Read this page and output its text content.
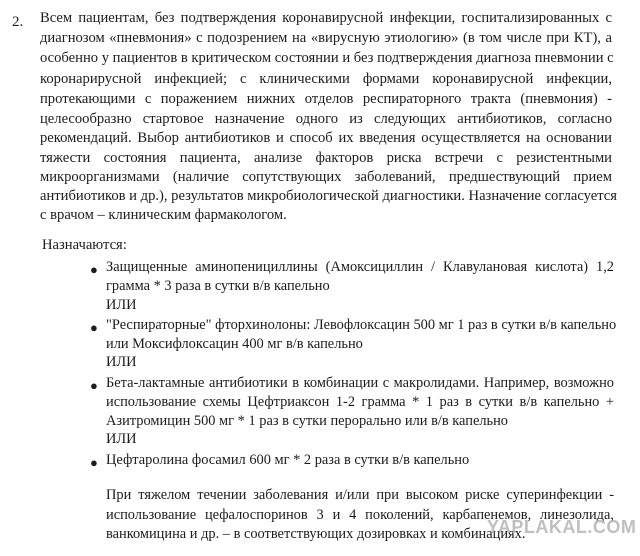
2. Всем пациентам, без подтверждения коронавирусной инфекции, госпитализированных с
диагнозом «пневмония» с подозрением на «вирусную этиологию» (в том числе при КТ), а
особенно у пациентов в критическом состоянии и без подтверждения диагноза пневмонии с
коронарирусной инфекцией; с клиническими формами коронавирусной инфекции,
протекающими с поражением нижних отделов респираторного тракта (пневмония) -
целесообразно стартовое назначение одного из следующих антибиотиков, согласно
рекомендаций. Выбор антибиотиков и способ их введения осуществляется на основании
тяжести состояния пациента, анализе факторов риска встречи с резистентными
микроорганизмами (наличие сопутствующих заболеваний, предшествующий прием
антибиотиков и др.), результатов микробиологической диагностики. Назначение согласуется
с врачом – клиническим фармакологом.
Назначаются:
● Защищенные аминопенициллины (Амоксициллин / Клавулановая кислота) 1,2
грамма * 3 раза в сутки в/в капельно
ИЛИ
● "Респираторные" фторхинолоны: Левофлоксацин 500 мг 1 раз в сутки в/в капельно
или Моксифлоксацин 400 мг в/в капельно
ИЛИ
● Бета-лактамные антибиотики в комбинации с макролидами. Например, возможно
использование схемы Цефтриаксон 1-2 грамма * 1 раз в сутки в/в капельно +
Азитромицин 500 мг * 1 раз в сутки перорально или в/в капельно
ИЛИ
● Цефтаролина фосамил 600 мг * 2 раза в сутки в/в капельно
При тяжелом течении заболевания и/или при высоком риске суперинфекции -
использование цефалоспоринов 3 и 4 поколений, карбапенемов, линезолида,
ванкомицина и др. – в соответствующих дозировках и комбинациях.
YAPLAKAL.COM
